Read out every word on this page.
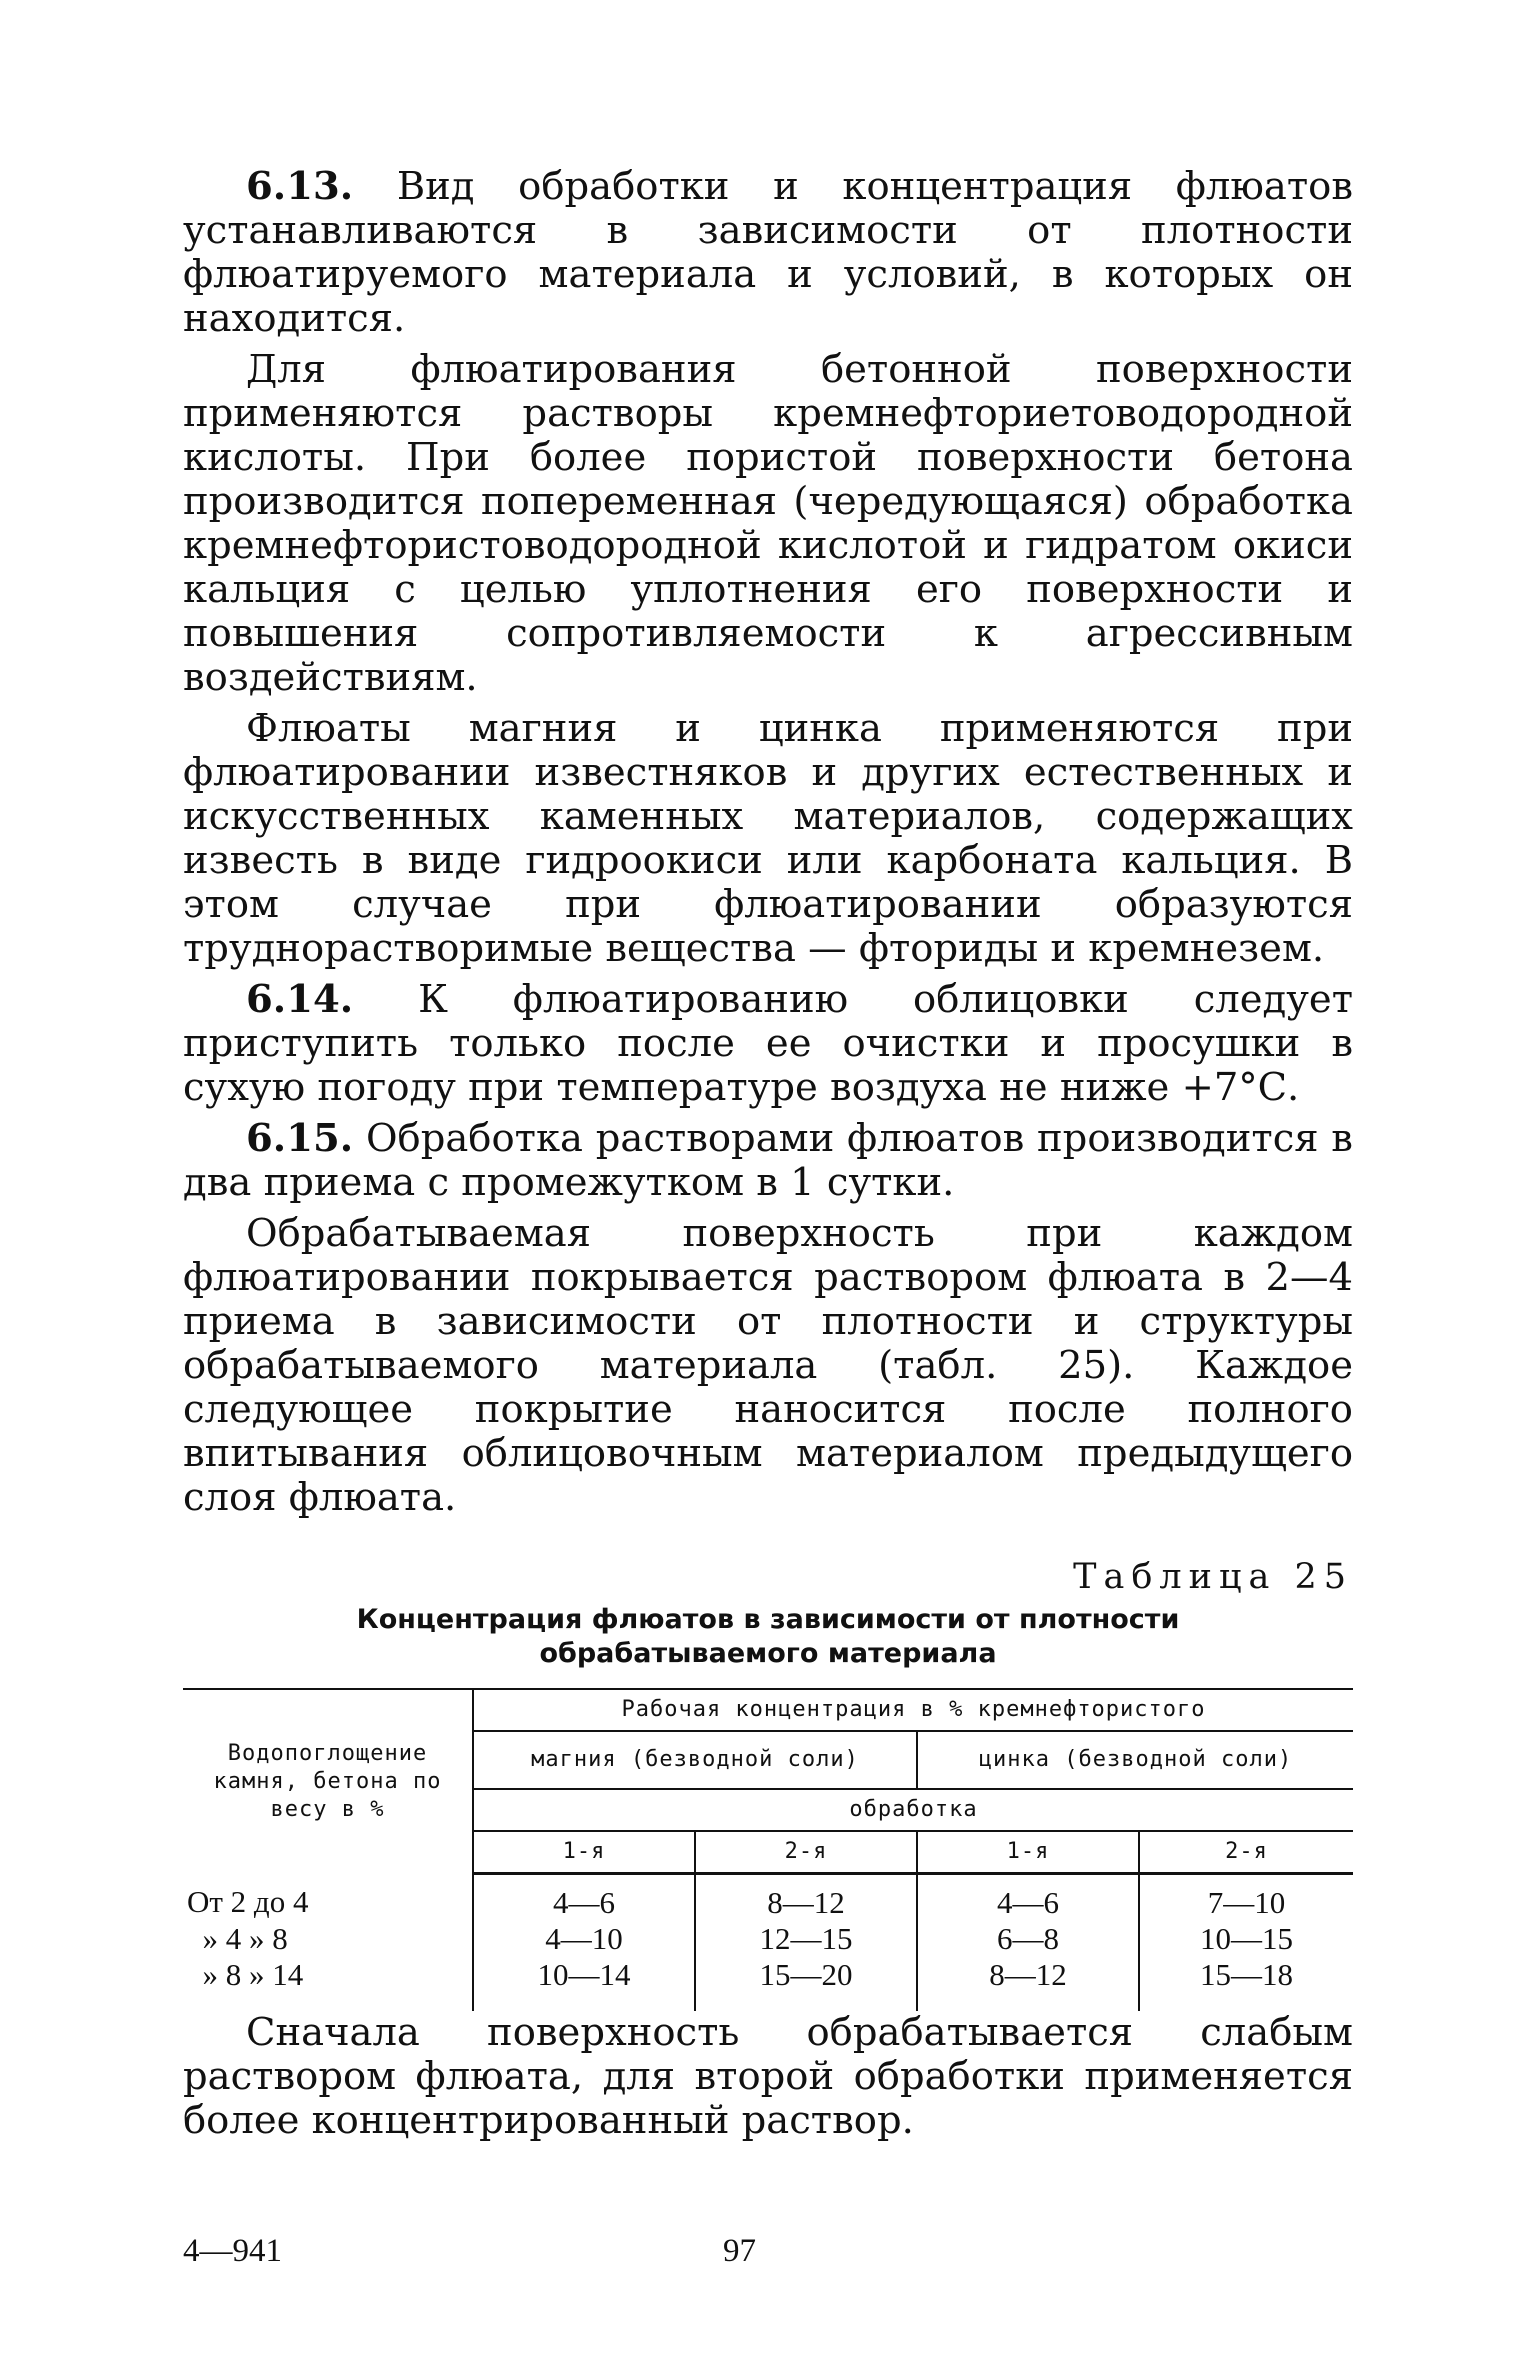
6.13. Вид обработки и концентрация флюатов устанавливаются в зависимости от плотности флюатируемого материала и условий, в которых он находится.

Для флюатирования бетонной поверхности применяются растворы кремнефториетоводородной кислоты. При более пористой поверхности бетона производится попеременная (чередующаяся) обработка кремнефтористоводородной кислотой и гидратом окиси кальция с целью уплотнения его поверхности и повышения сопротивляемости к агрессивным воздействиям.

Флюаты магния и цинка применяются при флюатировании известняков и других естественных и искусственных каменных материалов, содержащих известь в виде гидроокиси или карбоната кальция. В этом случае при флюатировании образуются труднорастворимые вещества — фториды и кремнезем.

6.14. К флюатированию облицовки следует приступить только после ее очистки и просушки в сухую погоду при температуре воздуха не ниже +7°С.

6.15. Обработка растворами флюатов производится в два приема с промежутком в 1 сутки.

Обрабатываемая поверхность при каждом флюатировании покрывается раствором флюата в 2—4 приема в зависимости от плотности и структуры обрабатываемого материала (табл. 25). Каждое следующее покрытие наносится после полного впитывания облицовочным материалом предыдущего слоя флюата.

Таблица 25
Концентрация флюатов в зависимости от плотности
обрабатываемого материала
Водопоглощение камня, бетона по весу в %	Рабочая концентрация в % кремнефтористого			
	магния (безводной соли)		цинка (безводной соли)	
	обработка			
	1-я	2-я	1-я	2-я
От 2 до 4	4—6	8—12	4—6	7—10
» 4 » 8	4—10	12—15	6—8	10—15
» 8 » 14	10—14	15—20	8—12	15—18

Сначала поверхность обрабатывается слабым раствором флюата, для второй обработки применяется более концентрированный раствор.

4—941	97
